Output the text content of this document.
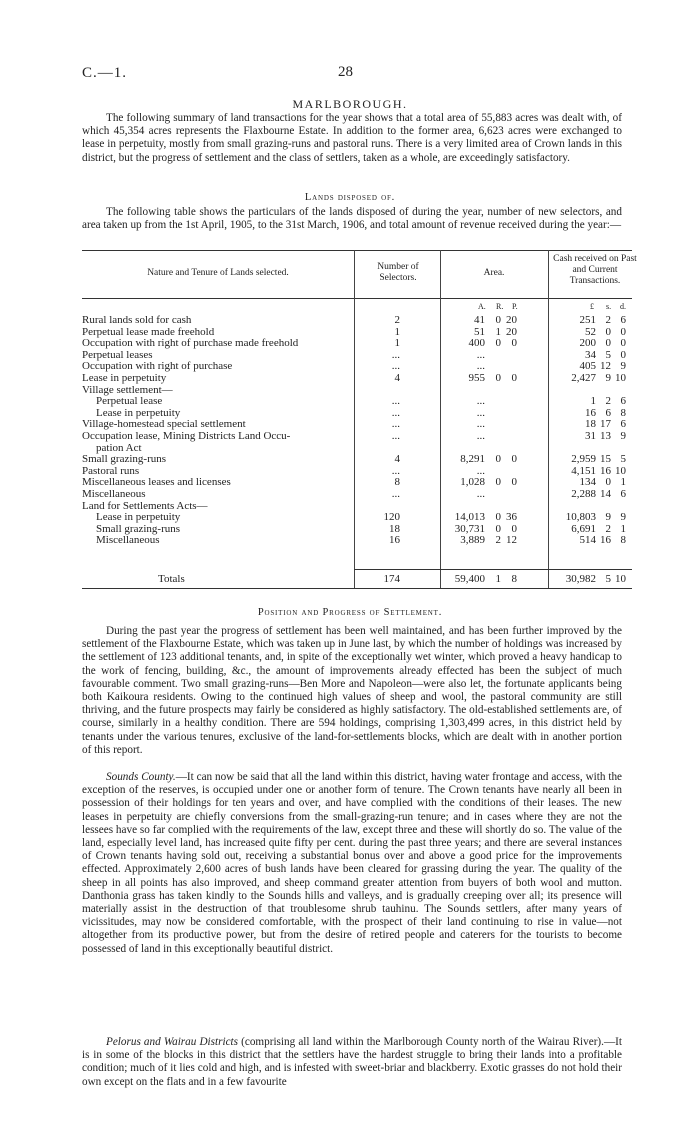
C.—1.	28
MARLBOROUGH.

The following summary of land transactions for the year shows that a total area of 55,883 acres was dealt with, of which 45,354 acres represents the Flaxbourne Estate. In addition to the former area, 6,623 acres were exchanged to lease in perpetuity, mostly from small grazing-runs and pastoral runs. There is a very limited area of Crown lands in this district, but the progress of settlement and the class of settlers, taken as a whole, are exceedingly satisfactory.

Lands disposed of.

The following table shows the particulars of the lands disposed of during the year, number of new selectors, and area taken up from the 1st April, 1905, to the 31st March, 1906, and total amount of revenue received during the year:—

Nature and Tenure of Lands selected.
Number of Selectors.	Area.
Cash received on Past and Current Transactions.
A. R. P.	£ s. d.
Rural lands sold for cash	2	41 0 20	251 2 6
Perpetual lease made freehold	1	51 1 20	52 0 0
Occupation with right of purchase made freehold	1	400 0 0	200 0 0
Perpetual leases	...	...	34 5 0
Occupation with right of purchase	...	...	405 12 9
Lease in perpetuity	4	955 0 0	2,427 9 10
Village settlement—
Perpetual lease	...	...	1 2 6
Lease in perpetuity	...	...	16 6 8
Village-homestead special settlement	...	...	18 17 6
Occupation lease, Mining Districts Land Occu-	...	...	31 13 9
pation Act
Small grazing-runs	4	8,291 0 0	2,959 15 5
Pastoral runs	...	...	4,151 16 10
Miscellaneous leases and licenses	8	1,028 0 0	134 0 1
Miscellaneous	...	...	2,288 14 6
Land for Settlements Acts—
Lease in perpetuity	120	14,013 0 36	10,803 9 9
Small grazing-runs	18	30,731 0 0	6,691 2 1
Miscellaneous	16	3,889 2 12	514 16 8
Totals	174	59,400 1 8	30,982 5 10
Position and Progress of Settlement.

During the past year the progress of settlement has been well maintained, and has been further improved by the settlement of the Flaxbourne Estate, which was taken up in June last, by which the number of holdings was increased by the settlement of 123 additional tenants, and, in spite of the exceptionally wet winter, which proved a heavy handicap to the work of fencing, building, &c., the amount of improvements already effected has been the subject of much favourable comment. Two small grazing-runs—Ben More and Napoleon—were also let, the fortunate applicants being both Kaikoura residents. Owing to the continued high values of sheep and wool, the pastoral community are still thriving, and the future prospects may fairly be considered as highly satisfactory. The old-established settlements are, of course, similarly in a healthy condition. There are 594 holdings, comprising 1,303,499 acres, in this district held by tenants under the various tenures, exclusive of the land-for-settlements blocks, which are dealt with in another portion of this report.

Sounds County.—It can now be said that all the land within this district, having water frontage and access, with the exception of the reserves, is occupied under one or another form of tenure. The Crown tenants have nearly all been in possession of their holdings for ten years and over, and have complied with the conditions of their leases. The new leases in perpetuity are chiefly conversions from the small-grazing-run tenure; and in cases where they are not the lessees have so far complied with the requirements of the law, except three and these will shortly do so. The value of the land, especially level land, has increased quite fifty per cent. during the past three years; and there are several instances of Crown tenants having sold out, receiving a substantial bonus over and above a good price for the improvements effected. Approximately 2,600 acres of bush lands have been cleared for grassing during the year. The quality of the sheep in all points has also improved, and sheep command greater attention from buyers of both wool and mutton. Danthonia grass has taken kindly to the Sounds hills and valleys, and is gradually creeping over all; its presence will materially assist in the destruction of that troublesome shrub tauhinu. The Sounds settlers, after many years of vicissitudes, may now be considered comfortable, with the prospect of their land continuing to rise in value—not altogether from its productive power, but from the desire of retired people and caterers for the tourists to become possessed of land in this exceptionally beautiful district.

Pelorus and Wairau Districts (comprising all land within the Marlborough County north of the Wairau River).—It is in some of the blocks in this district that the settlers have the hardest struggle to bring their lands into a profitable condition; much of it lies cold and high, and is infested with sweet-briar and blackberry. Exotic grasses do not hold their own except on the flats and in a few favourite
